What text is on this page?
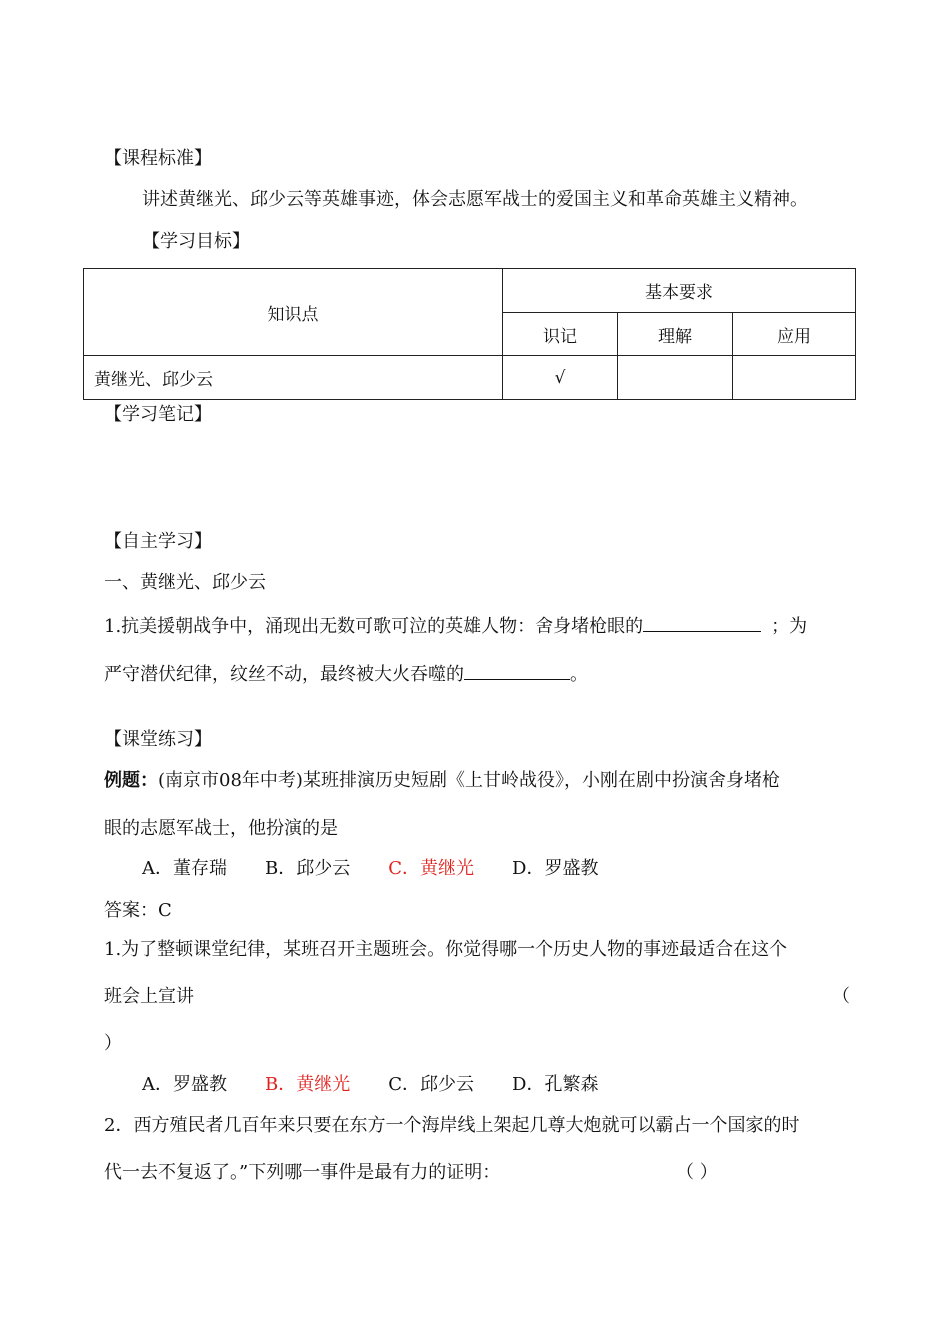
【课程标准】
讲述黄继光、邱少云等英雄事迹，体会志愿军战士的爱国主义和革命英雄主义精神。
【学习目标】
知识点	基本要求		
	识记	理解	应用
黄继光、邱少云	√		
【学习笔记】
【自主学习】
一、黄继光、邱少云
1.抗美援朝战争中，涌现出无数可歌可泣的英雄人物：舍身堵枪眼的	；为
严守潜伏纪律，纹丝不动，最终被大火吞噬的	。
【课堂练习】
例题：(南京市08年中考)某班排演历史短剧《上甘岭战役》，小刚在剧中扮演舍身堵枪
眼的志愿军战士，他扮演的是
A．董存瑞 B．邱少云 C．黄继光 D．罗盛教
答案：C
1.为了整顿课堂纪律，某班召开主题班会。你觉得哪一个历史人物的事迹最适合在这个
班会上宣讲	（
）
A．罗盛教 B．黄继光 C．邱少云 D．孔繁森
2．西方殖民者几百年来只要在东方一个海岸线上架起几尊大炮就可以霸占一个国家的时
代一去不复返了。”下列哪一事件是最有力的证明：	（ ）
